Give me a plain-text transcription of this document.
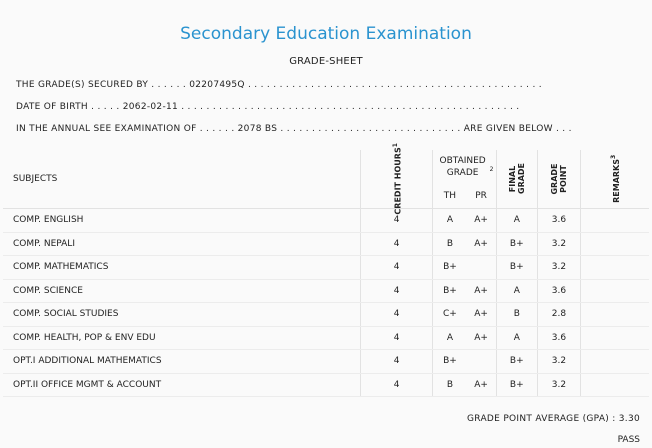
Secondary Education Examination
GRADE-SHEET
THE GRADE(S) SECURED BY . . . . . . 02207495Q . . . . . . . . . . . . . . . . . . . . . . . . . . . . . . . . . . . . . . . . . . . . . . .
DATE OF BIRTH . . . . . 2062-02-11 . . . . . . . . . . . . . . . . . . . . . . . . . . . . . . . . . . . . . . . . . . . . . . . . . . . . . .
IN THE ANNUAL SEE EXAMINATION OF . . . . . . 2078 BS . . . . . . . . . . . . . . . . . . . . . . . . . . . . . ARE GIVEN BELOW . . .
SUBJECTS	CREDIT HOURS$^1$	OBTAINED GRADE $^2$		FINAL GRADE	GRADE POINT	REMARKS$^3$
		TH	PR			
COMP. ENGLISH	4	A	A+	A	3.6	
COMP. NEPALI	4	B	A+	B+	3.2	
COMP. MATHEMATICS	4	B+		B+	3.2	
COMP. SCIENCE	4	B+	A+	A	3.6	
COMP. SOCIAL STUDIES	4	C+	A+	B	2.8	
COMP. HEALTH, POP & ENV EDU	4	A	A+	A	3.6	
OPT.I ADDITIONAL MATHEMATICS	4	B+		B+	3.2	
OPT.II OFFICE MGMT & ACCOUNT	4	B	A+	B+	3.2	
GRADE POINT AVERAGE (GPA) : 3.30
PASS
